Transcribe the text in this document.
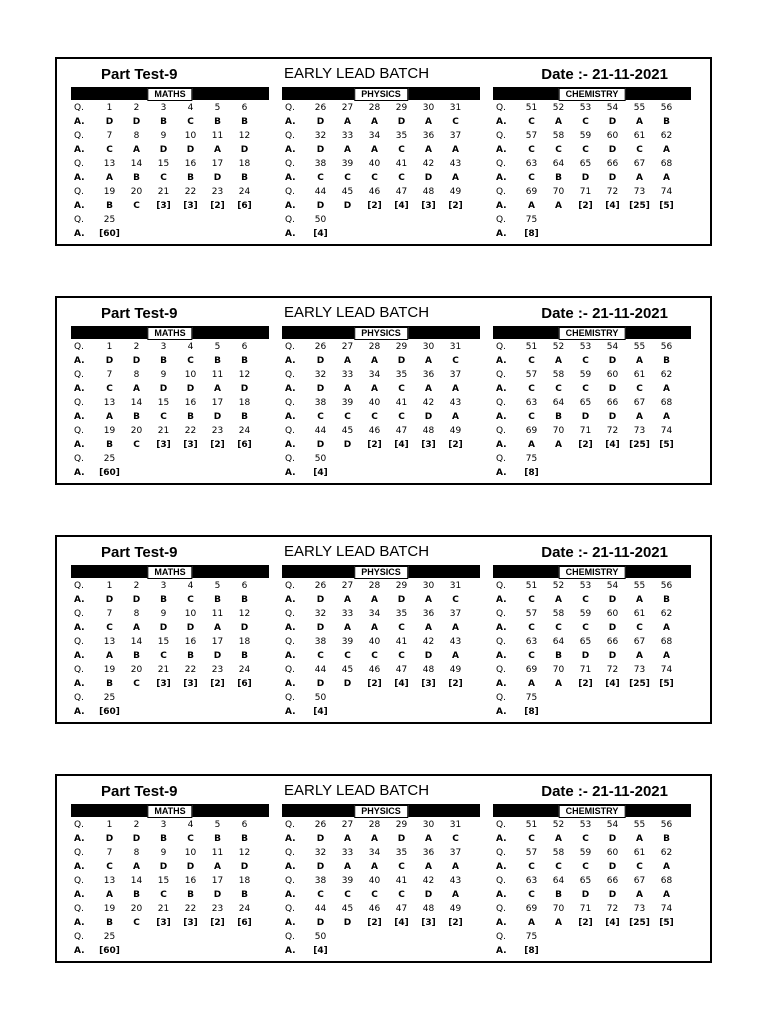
Part Test-9	EARLY LEAD BATCH	Date :- 21-11-2021
MATHS
Q.	1	2	3	4	5	6
A.	D	D	B	C	B	B
Q.	7	8	9	10	11	12
A.	C	A	D	D	A	D
Q.	13	14	15	16	17	18
A.	A	B	C	B	D	B
Q.	19	20	21	22	23	24
A.	B	C	[3]	[3]	[2]	[6]
Q.	25					
A.	[60]					
PHYSICS
Q.	26	27	28	29	30	31
A.	D	A	A	D	A	C
Q.	32	33	34	35	36	37
A.	D	A	A	C	A	A
Q.	38	39	40	41	42	43
A.	C	C	C	C	D	A
Q.	44	45	46	47	48	49
A.	D	D	[2]	[4]	[3]	[2]
Q.	50					
A.	[4]					
CHEMISTRY
Q.	51	52	53	54	55	56
A.	C	A	C	D	A	B
Q.	57	58	59	60	61	62
A.	C	C	C	D	C	A
Q.	63	64	65	66	67	68
A.	C	B	D	D	A	A
Q.	69	70	71	72	73	74
A.	A	A	[2]	[4]	[25]	[5]
Q.	75					
A.	[8]					
Part Test-9	EARLY LEAD BATCH	Date :- 21-11-2021
MATHS
Q.	1	2	3	4	5	6
A.	D	D	B	C	B	B
Q.	7	8	9	10	11	12
A.	C	A	D	D	A	D
Q.	13	14	15	16	17	18
A.	A	B	C	B	D	B
Q.	19	20	21	22	23	24
A.	B	C	[3]	[3]	[2]	[6]
Q.	25					
A.	[60]					
PHYSICS
Q.	26	27	28	29	30	31
A.	D	A	A	D	A	C
Q.	32	33	34	35	36	37
A.	D	A	A	C	A	A
Q.	38	39	40	41	42	43
A.	C	C	C	C	D	A
Q.	44	45	46	47	48	49
A.	D	D	[2]	[4]	[3]	[2]
Q.	50					
A.	[4]					
CHEMISTRY
Q.	51	52	53	54	55	56
A.	C	A	C	D	A	B
Q.	57	58	59	60	61	62
A.	C	C	C	D	C	A
Q.	63	64	65	66	67	68
A.	C	B	D	D	A	A
Q.	69	70	71	72	73	74
A.	A	A	[2]	[4]	[25]	[5]
Q.	75					
A.	[8]					
Part Test-9	EARLY LEAD BATCH	Date :- 21-11-2021
MATHS
Q.	1	2	3	4	5	6
A.	D	D	B	C	B	B
Q.	7	8	9	10	11	12
A.	C	A	D	D	A	D
Q.	13	14	15	16	17	18
A.	A	B	C	B	D	B
Q.	19	20	21	22	23	24
A.	B	C	[3]	[3]	[2]	[6]
Q.	25					
A.	[60]					
PHYSICS
Q.	26	27	28	29	30	31
A.	D	A	A	D	A	C
Q.	32	33	34	35	36	37
A.	D	A	A	C	A	A
Q.	38	39	40	41	42	43
A.	C	C	C	C	D	A
Q.	44	45	46	47	48	49
A.	D	D	[2]	[4]	[3]	[2]
Q.	50					
A.	[4]					
CHEMISTRY
Q.	51	52	53	54	55	56
A.	C	A	C	D	A	B
Q.	57	58	59	60	61	62
A.	C	C	C	D	C	A
Q.	63	64	65	66	67	68
A.	C	B	D	D	A	A
Q.	69	70	71	72	73	74
A.	A	A	[2]	[4]	[25]	[5]
Q.	75					
A.	[8]					
Part Test-9	EARLY LEAD BATCH	Date :- 21-11-2021
MATHS
Q.	1	2	3	4	5	6
A.	D	D	B	C	B	B
Q.	7	8	9	10	11	12
A.	C	A	D	D	A	D
Q.	13	14	15	16	17	18
A.	A	B	C	B	D	B
Q.	19	20	21	22	23	24
A.	B	C	[3]	[3]	[2]	[6]
Q.	25					
A.	[60]					
PHYSICS
Q.	26	27	28	29	30	31
A.	D	A	A	D	A	C
Q.	32	33	34	35	36	37
A.	D	A	A	C	A	A
Q.	38	39	40	41	42	43
A.	C	C	C	C	D	A
Q.	44	45	46	47	48	49
A.	D	D	[2]	[4]	[3]	[2]
Q.	50					
A.	[4]					
CHEMISTRY
Q.	51	52	53	54	55	56
A.	C	A	C	D	A	B
Q.	57	58	59	60	61	62
A.	C	C	C	D	C	A
Q.	63	64	65	66	67	68
A.	C	B	D	D	A	A
Q.	69	70	71	72	73	74
A.	A	A	[2]	[4]	[25]	[5]
Q.	75					
A.	[8]					
